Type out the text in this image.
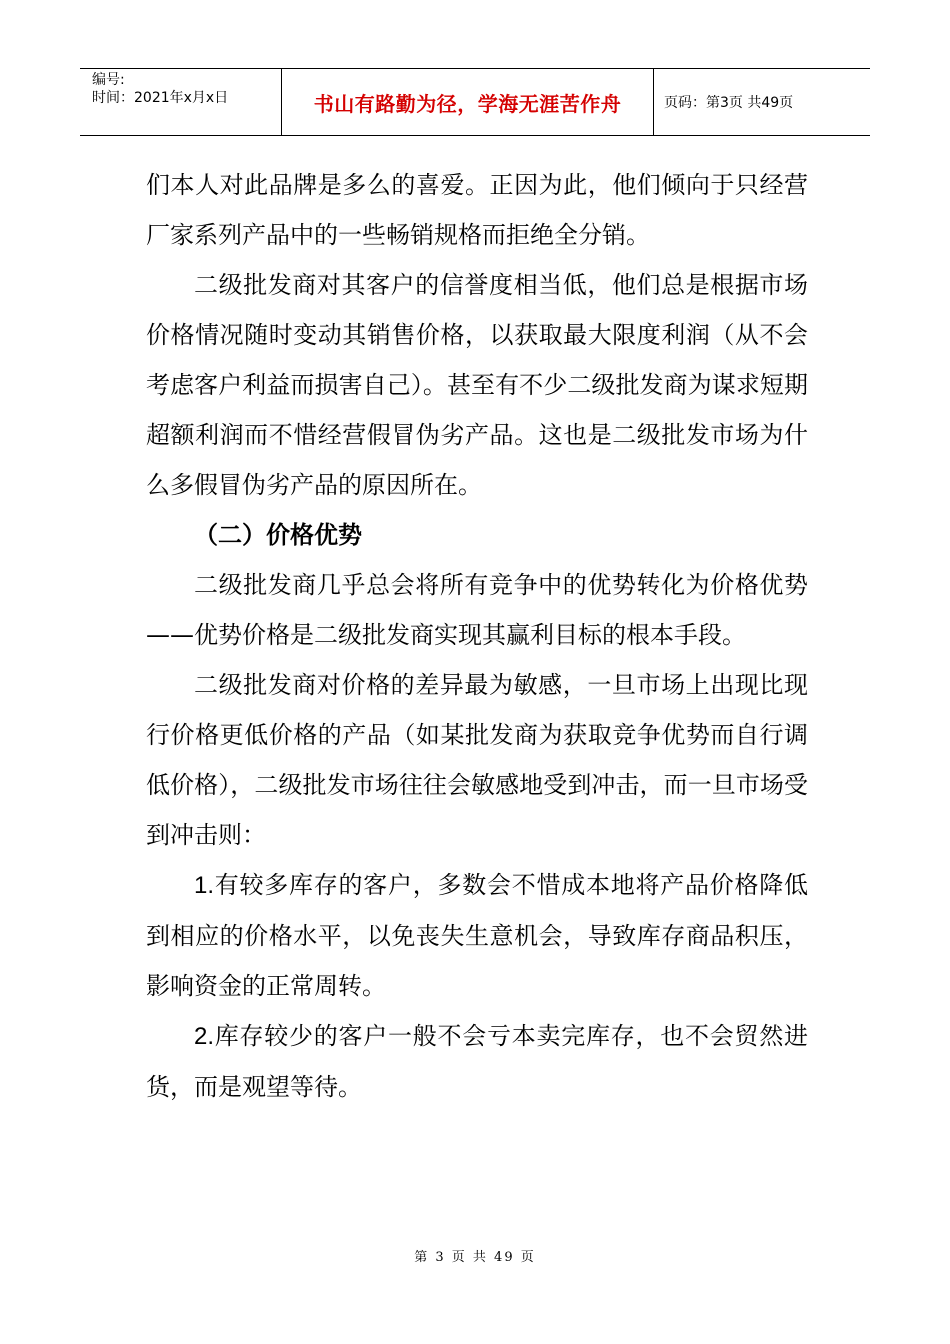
编号:
时间：2021年x月x日	书山有路勤为径，学海无涯苦作舟	页码：第3页 共49页

们本人对此品牌是多么的喜爱。正因为此，他们倾向于只经营厂家系列产品中的一些畅销规格而拒绝全分销。

二级批发商对其客户的信誉度相当低，他们总是根据市场价格情况随时变动其销售价格，以获取最大限度利润（从不会考虑客户利益而损害自己）。甚至有不少二级批发商为谋求短期超额利润而不惜经营假冒伪劣产品。这也是二级批发市场为什么多假冒伪劣产品的原因所在。

（二）价格优势

二级批发商几乎总会将所有竞争中的优势转化为价格优势——优势价格是二级批发商实现其赢利目标的根本手段。

二级批发商对价格的差异最为敏感，一旦市场上出现比现行价格更低价格的产品（如某批发商为获取竞争优势而自行调低价格），二级批发市场往往会敏感地受到冲击，而一旦市场受到冲击则：

1.有较多库存的客户，多数会不惜成本地将产品价格降低到相应的价格水平，以免丧失生意机会，导致库存商品积压，影响资金的正常周转。

2.库存较少的客户一般不会亏本卖完库存，也不会贸然进货，而是观望等待。

第 3 页 共 49 页
